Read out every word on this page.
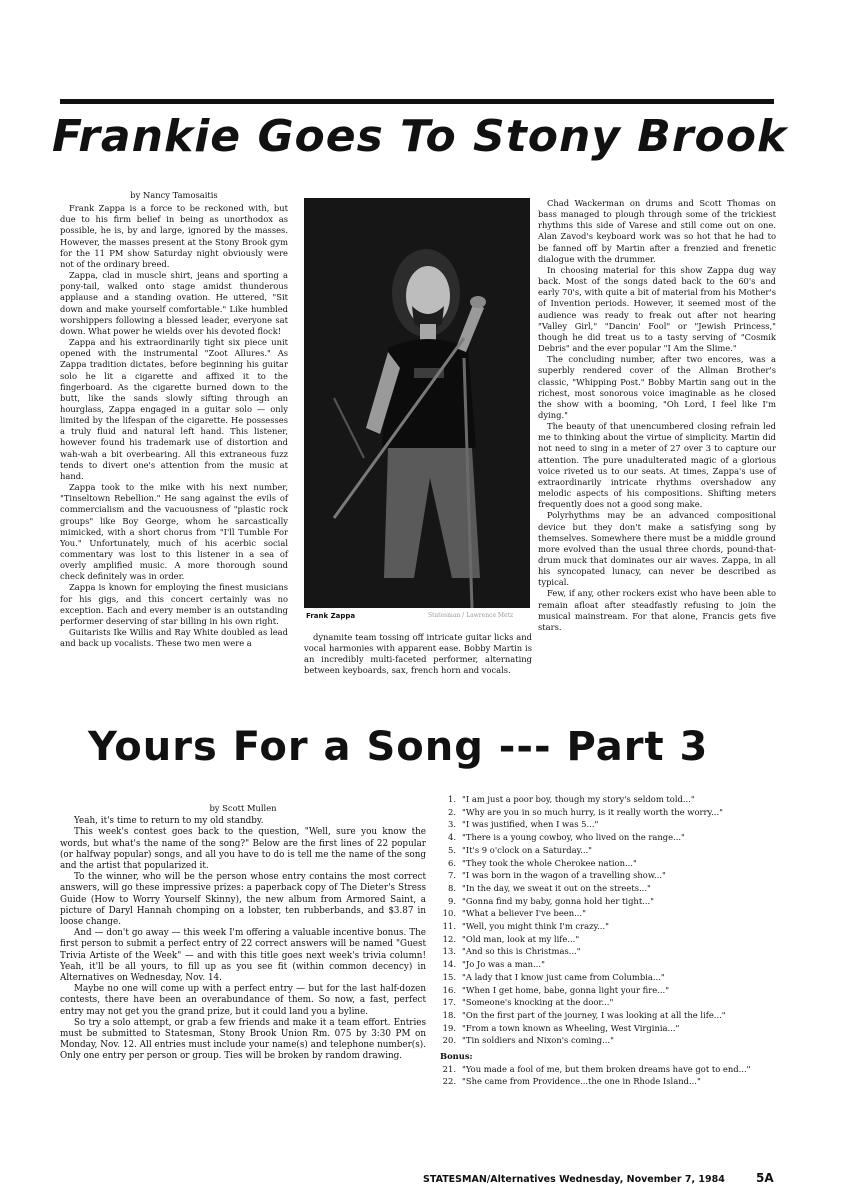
Frankie Goes To Stony Brook
by Nancy Tamosaitis

Frank Zappa is a force to be reckoned with, but due to his firm belief in being as unorthodox as possible, he is, by and large, ignored by the masses. However, the masses present at the Stony Brook gym for the 11 PM show Saturday night obviously were not of the ordinary breed.

Zappa, clad in muscle shirt, jeans and sporting a pony-tail, walked onto stage amidst thunderous applause and a standing ovation. He uttered, "Sit down and make yourself comfortable." Like humbled worshippers following a blessed leader, everyone sat down. What power he wields over his devoted flock!

Zappa and his extraordinarily tight six piece unit opened with the instrumental "Zoot Allures." As Zappa tradition dictates, before beginning his guitar solo he lit a cigarette and affixed it to the fingerboard. As the cigarette burned down to the butt, like the sands slowly sifting through an hourglass, Zappa engaged in a guitar solo — only limited by the lifespan of the cigarette. He possesses a truly fluid and natural left hand. This listener, however found his trademark use of distortion and wah-wah a bit overbearing. All this extraneous fuzz tends to divert one's attention from the music at hand.

Zappa took to the mike with his next number, "Tinseltown Rebellion." He sang against the evils of commercialism and the vacuousness of "plastic rock groups" like Boy George, whom he sarcastically mimicked, with a short chorus from "I'll Tumble For You." Unfortunately, much of his acerbic social commentary was lost to this listener in a sea of overly amplified music. A more thorough sound check definitely was in order.

Zappa is known for employing the finest musicians for his gigs, and this concert certainly was no exception. Each and every member is an outstanding performer deserving of star billing in his own right.

Guitarists Ike Willis and Ray White doubled as lead and back up vocalists. These two men were a

Frank Zappa	Statesman / Lawrence Metz

dynamite team tossing off intricate guitar licks and vocal harmonies with apparent ease. Bobby Martin is an incredibly multi-faceted performer, alternating between keyboards, sax, french horn and vocals.

Chad Wackerman on drums and Scott Thomas on bass managed to plough through some of the trickiest rhythms this side of Varese and still come out on one. Alan Zavod's keyboard work was so hot that he had to be fanned off by Martin after a frenzied and frenetic dialogue with the drummer.

In choosing material for this show Zappa dug way back. Most of the songs dated back to the 60's and early 70's, with quite a bit of material from his Mother's of Invention periods. However, it seemed most of the audience was ready to freak out after not hearing "Valley Girl," "Dancin' Fool" or "Jewish Princess," though he did treat us to a tasty serving of "Cosmik Debris" and the ever popular "I Am the Slime."

The concluding number, after two encores, was a superbly rendered cover of the Allman Brother's classic, "Whipping Post." Bobby Martin sang out in the richest, most sonorous voice imaginable as he closed the show with a booming, "Oh Lord, I feel like I'm dying."

The beauty of that unencumbered closing refrain led me to thinking about the virtue of simplicity. Martin did not need to sing in a meter of 27 over 3 to capture our attention. The pure unadulterated magic of a glorious voice riveted us to our seats. At times, Zappa's use of extraordinarily intricate rhythms overshadow any melodic aspects of his compositions. Shifting meters frequently does not a good song make.

Polyrhythms may be an advanced compositional device but they don't make a satisfying song by themselves. Somewhere there must be a middle ground more evolved than the usual three chords, pound-that-drum muck that dominates our air waves. Zappa, in all his syncopated lunacy, can never be described as typical.

Few, if any, other rockers exist who have been able to remain afloat after steadfastly refusing to join the musical mainstream. For that alone, Francis gets five stars.

Yours For a Song --- Part 3
by Scott Mullen

Yeah, it's time to return to my old standby.

This week's contest goes back to the question, "Well, sure you know the words, but what's the name of the song?" Below are the first lines of 22 popular (or halfway popular) songs, and all you have to do is tell me the name of the song and the artist that popularized it.

To the winner, who will be the person whose entry contains the most correct answers, will go these impressive prizes: a paperback copy of The Dieter's Stress Guide (How to Worry Yourself Skinny), the new album from Armored Saint, a picture of Daryl Hannah chomping on a lobster, ten rubberbands, and $3.87 in loose change.

And — don't go away — this week I'm offering a valuable incentive bonus. The first person to submit a perfect entry of 22 correct answers will be named "Guest Trivia Artiste of the Week" — and with this title goes next week's trivia column! Yeah, it'll be all yours, to fill up as you see fit (within common decency) in Alternatives on Wednesday, Nov. 14.

Maybe no one will come up with a perfect entry — but for the last half-dozen contests, there have been an overabundance of them. So now, a fast, perfect entry may not get you the grand prize, but it could land you a byline.

So try a solo attempt, or grab a few friends and make it a team effort. Entries must be submitted to Statesman, Stony Brook Union Rm. 075 by 3:30 PM on Monday, Nov. 12. All entries must include your name(s) and telephone number(s). Only one entry per person or group. Ties will be broken by random drawing.

1. "I am just a poor boy, though my story's seldom told..."
2. "Why are you in so much hurry, is it really worth the worry..."
3. "I was justified, when I was 5..."
4. "There is a young cowboy, who lived on the range..."
5. "It's 9 o'clock on a Saturday..."
6. "They took the whole Cherokee nation..."
7. "I was born in the wagon of a travelling show..."
8. "In the day, we sweat it out on the streets..."
9. "Gonna find my baby, gonna hold her tight..."
10. "What a believer I've been..."
11. "Well, you might think I'm crazy..."
12. "Old man, look at my life..."
13. "And so this is Christmas..."
14. "Jo Jo was a man..."
15. "A lady that I know just came from Columbia..."
16. "When I get home, babe, gonna light your fire..."
17. "Someone's knocking at the door..."
18. "On the first part of the journey, I was looking at all the life..."
19. "From a town known as Wheeling, West Virginia..."
20. "Tin soldiers and Nixon's coming..."
Bonus:
21. "You made a fool of me, but them broken dreams have got to end..."
22. "She came from Providence...the one in Rhode Island..."
STATESMAN/Alternatives Wednesday, November 7, 1984	5A
